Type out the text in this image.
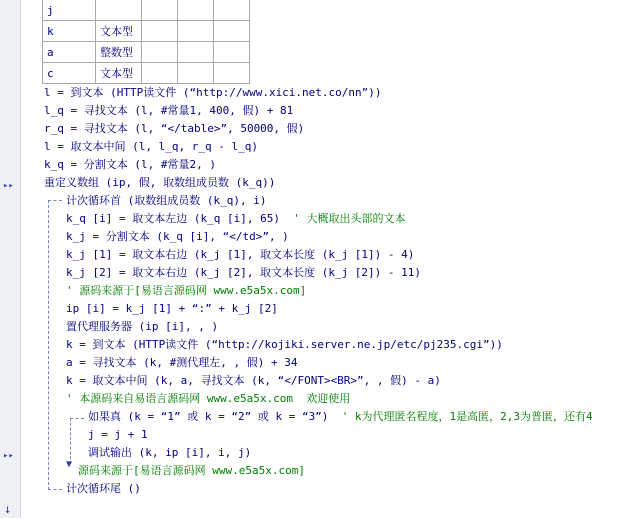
▸▸
▸▸
↓
j				
k	文本型			
a	整数型			
c	文本型			
▼
l = 到文本 (HTTP读文件 (“http://www.xici.net.co/nn”))
l_q = 寻找文本 (l, #常量1, 400, 假) + 81
r_q = 寻找文本 (l, “</table>”, 50000, 假)
l = 取文本中间 (l, l_q, r_q - l_q)
k_q = 分割文本 (l, #常量2, )
重定义数组 (ip, 假, 取数组成员数 (k_q))
计次循环首 (取数组成员数 (k_q), i)
k_q [i] = 取文本左边 (k_q [i], 65) ' 大概取出头部的文本
k_j = 分割文本 (k_q [i], “</td>”, )
k_j [1] = 取文本右边 (k_j [1], 取文本长度 (k_j [1]) - 4)
k_j [2] = 取文本右边 (k_j [2], 取文本长度 (k_j [2]) - 11)
' 源码来源于[易语言源码网 www.e5a5x.com]
ip [i] = k_j [1] + “:” + k_j [2]
置代理服务器 (ip [i], , )
k = 到文本 (HTTP读文件 (“http://kojiki.server.ne.jp/etc/pj235.cgi”))
a = 寻找文本 (k, #测代理左, , 假) + 34
k = 取文本中间 (k, a, 寻找文本 (k, “</FONT><BR>”, , 假) - a)
' 本源码来自易语言源码网 www.e5a5x.com  欢迎使用
如果真 (k = “1” 或 k = “2” 或 k = “3”) ' k为代理匿名程度，1是高匿，2,3为普匿，还有4
j = j + 1
调试输出 (k, ip [i], i, j)
源码来源于[易语言源码网 www.e5a5x.com]
计次循环尾 ()
